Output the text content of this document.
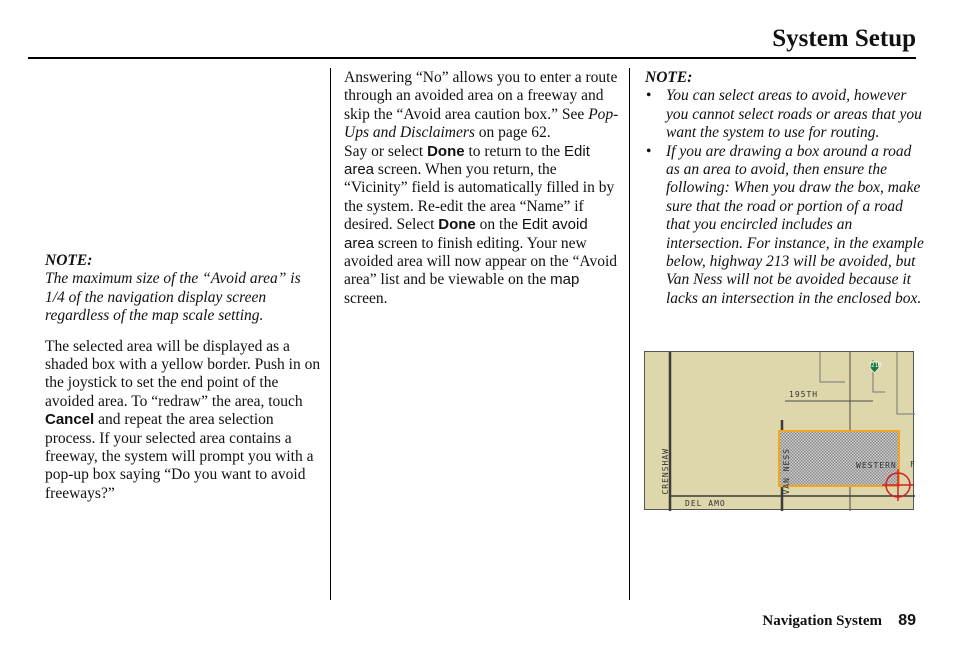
System Setup

NOTE:

The maximum size of the “Avoid area” is 1/4 of the navigation display screen regardless of the map scale setting.

The selected area will be displayed as a shaded box with a yellow border. Push in on the joystick to set the end point of the avoided area. To “redraw” the area, touch Cancel and repeat the area selection process. If your selected area contains a freeway, the system will prompt you with a pop-up box saying “Do you want to avoid freeways?”

Answering “No” allows you to enter a route through an avoided area on a freeway and skip the “Avoid area caution box.” See Pop-Ups and Disclaimers on page 62.

Say or select Done to return to the Edit area screen. When you return, the “Vicinity” field is automatically filled in by the system. Re-edit the area “Name” if desired. Select Done on the Edit avoid area screen to finish editing. Your new avoided area will now appear on the “Avoid area” list and be viewable on the map screen.

NOTE:

• You can select areas to avoid, however you cannot select roads or areas that you want the system to use for routing.
• If you are drawing a box around a road as an area to avoid, then ensure the following: When you draw the box, make sure that the road or portion of a road that you encircled includes an intersection. For instance, in the example below, highway 213 will be avoided, but Van Ness will not be avoided because it lacks an intersection in the enclosed box.
195TH
WESTERN F
DEL AMO
CRENSHAW	VAN NESS
213
Navigation System 89
